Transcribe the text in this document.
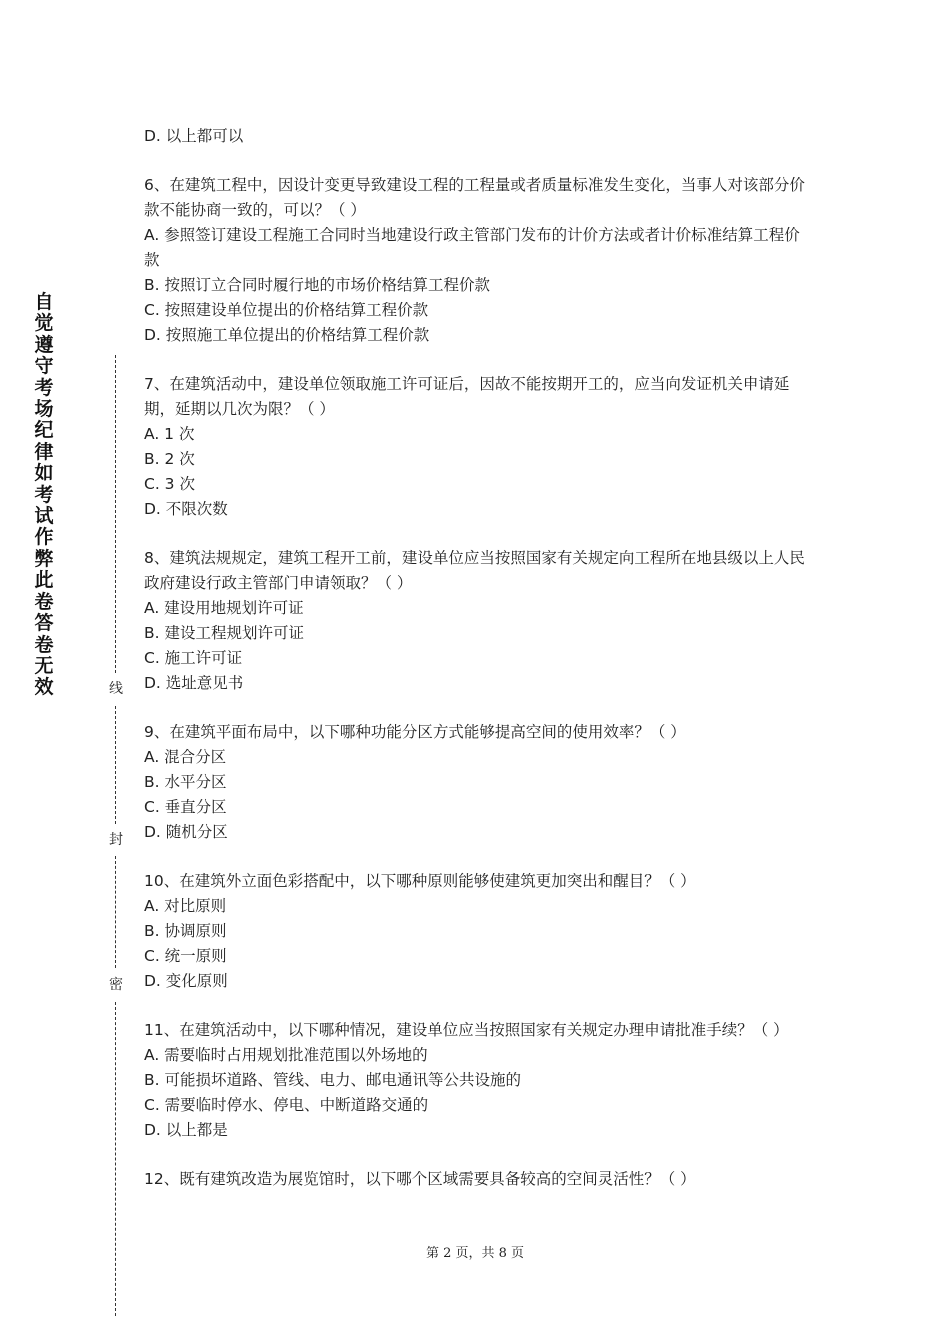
自觉遵守考场纪律如考试作弊此卷答卷无效	线
封
密

D. 以上都可以

6、在建筑工程中，因设计变更导致建设工程的工程量或者质量标准发生变化，当事人对该部分价款不能协商一致的，可以？（ ）

A. 参照签订建设工程施工合同时当地建设行政主管部门发布的计价方法或者计价标准结算工程价款

B. 按照订立合同时履行地的市场价格结算工程价款

C. 按照建设单位提出的价格结算工程价款

D. 按照施工单位提出的价格结算工程价款

7、在建筑活动中，建设单位领取施工许可证后，因故不能按期开工的，应当向发证机关申请延期，延期以几次为限？（ ）

A. 1 次

B. 2 次

C. 3 次

D. 不限次数

8、建筑法规规定，建筑工程开工前，建设单位应当按照国家有关规定向工程所在地县级以上人民政府建设行政主管部门申请领取？（ ）

A. 建设用地规划许可证

B. 建设工程规划许可证

C. 施工许可证

D. 选址意见书

9、在建筑平面布局中，以下哪种功能分区方式能够提高空间的使用效率？（ ）

A. 混合分区

B. 水平分区

C. 垂直分区

D. 随机分区

10、在建筑外立面色彩搭配中，以下哪种原则能够使建筑更加突出和醒目？（ ）

A. 对比原则

B. 协调原则

C. 统一原则

D. 变化原则

11、在建筑活动中，以下哪种情况，建设单位应当按照国家有关规定办理申请批准手续？（ ）

A. 需要临时占用规划批准范围以外场地的

B. 可能损坏道路、管线、电力、邮电通讯等公共设施的

C. 需要临时停水、停电、中断道路交通的

D. 以上都是

12、既有建筑改造为展览馆时，以下哪个区域需要具备较高的空间灵活性？（ ）

第 2 页，共 8 页
